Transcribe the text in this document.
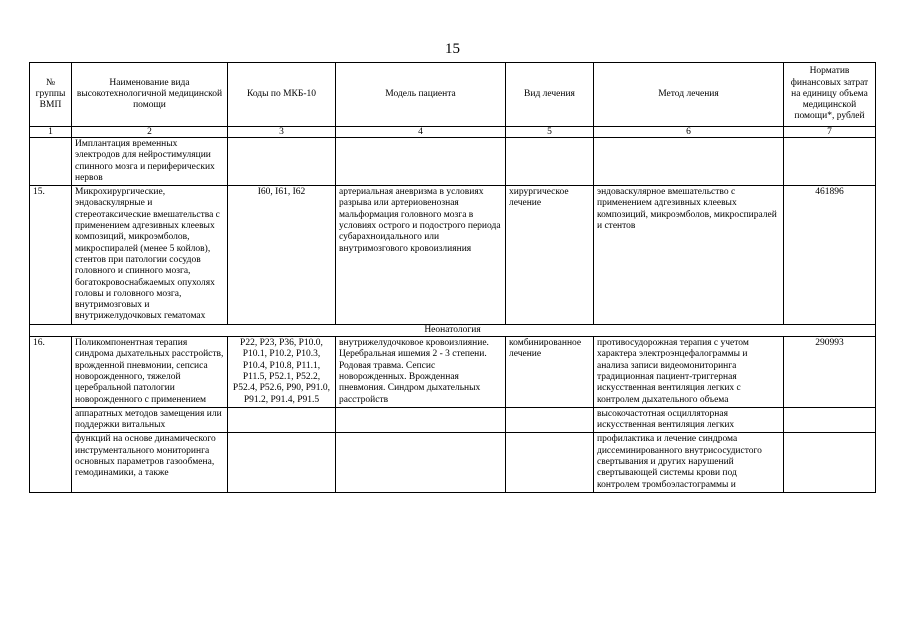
15
№ группы ВМП	Наименование вида высокотехнологичной медицинской помощи	Коды по МКБ-10	Модель пациента	Вид лечения	Метод лечения	Норматив финансовых затрат на единицу объема медицинской помощи*, рублей
1	2	3	4	5	6	7
	Имплантация временных электродов для нейростимуляции спинного мозга и периферических нервов					
15.	Микрохирургические, эндоваскулярные и стереотаксические вмешательства с применением адгезивных клеевых композиций, микроэмболов, микроспиралей (менее 5 койлов), стентов при патологии сосудов головного и спинного мозга, богатокровоснабжаемых опухолях головы и головного мозга, внутримозговых и внутрижелудочковых гематомах	I60, I61, I62	артериальная аневризма в условиях разрыва или артериовенозная мальформация головного мозга в условиях острого и подострого периода субарахноидального или внутримозгового кровоизлияния	хирургическое лечение	эндоваскулярное вмешательство с применением адгезивных клеевых композиций, микроэмболов, микроспиралей и стентов	461896
Неонатология						
16.	Поликомпонентная терапия синдрома дыхательных расстройств, врожденной пневмонии, сепсиса новорожденного, тяжелой церебральной патологии новорожденного с применением	P22, P23, P36, P10.0, P10.1, P10.2, P10.3, P10.4, P10.8, P11.1, P11.5, P52.1, P52.2, P52.4, P52.6, P90, P91.0, P91.2, P91.4, P91.5	внутрижелудочковое кровоизлияние. Церебральная ишемия 2 - 3 степени. Родовая травма. Сепсис новорожденных. Врожденная пневмония. Синдром дыхательных расстройств	комбинированное лечение	противосудорожная терапия с учетом характера электроэнцефалограммы и анализа записи видеомониторинга традиционная пациент-триггерная искусственная вентиляция легких с контролем дыхательного объема	290993
	аппаратных методов замещения или поддержки витальных				высокочастотная осцилляторная искусственная вентиляция легких	
	функций на основе динамического инструментального мониторинга основных параметров газообмена, гемодинамики, а также				профилактика и лечение синдрома диссеминированного внутрисосудистого свертывания и других нарушений свертывающей системы крови под контролем тромбоэластограммы и	
